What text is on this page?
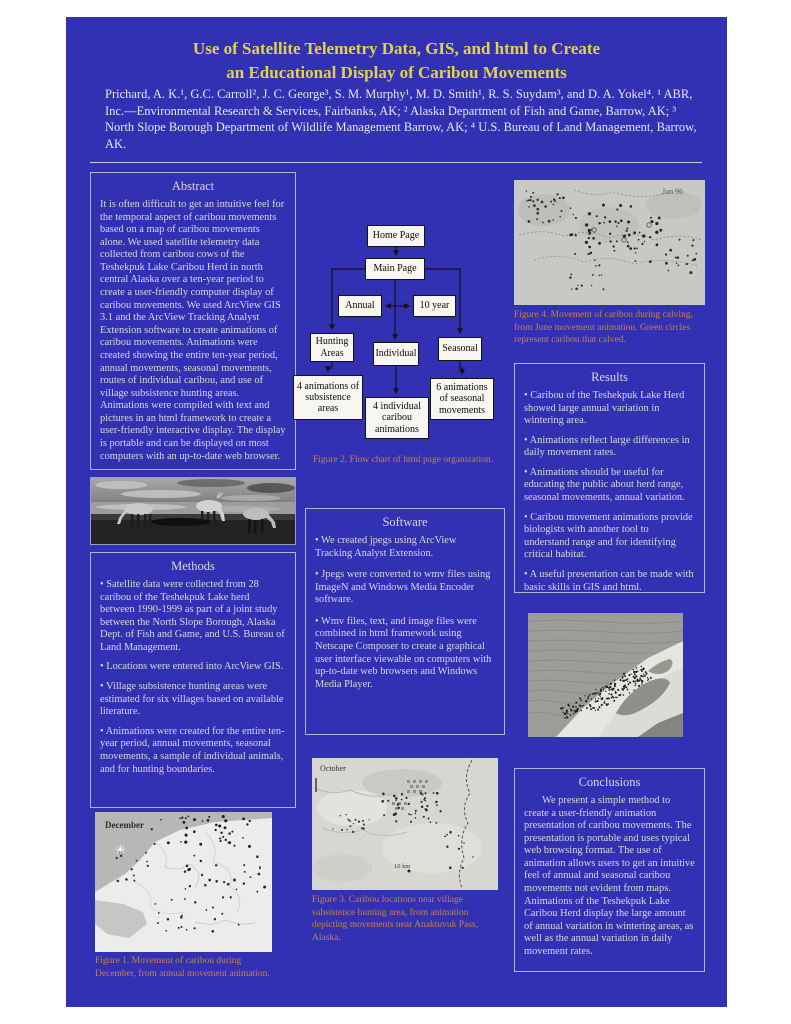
Use of Satellite Telemetry Data, GIS, and html to Create
an Educational Display of Caribou Movements
Prichard, A. K.¹, G.C. Carroll², J. C. George³, S. M. Murphy¹, M. D. Smith¹, R. S. Suydam³, and D. A. Yokel⁴. ¹ ABR, Inc.—Environmental Research & Services, Fairbanks, AK; ² Alaska Department of Fish and Game, Barrow, AK; ³ North Slope Borough Department of Wildlife Management Barrow, AK; ⁴ U.S. Bureau of Land Management, Barrow, AK.
Abstract
It is often difficult to get an intuitive feel for the temporal aspect of caribou movements based on a map of caribou movements alone. We used satellite telemetry data collected from caribou cows of the Teshekpuk Lake Caribou Herd in north central Alaska over a ten-year period to create a user-friendly computer display of caribou movements. We used ArcView GIS 3.1 and the ArcView Tracking Analyst Extension software to create animations of caribou movements. Animations were created showing the entire ten-year period, annual movements, seasonal movements, routes of individual caribou, and use of village subsistence hunting areas. Animations were compiled with text and pictures in an html framework to create a user-friendly interactive display. The display is portable and can be displayed on most computers with an up-to-date web browser.
Methods
• Satellite data were collected from 28 caribou of the Teshekpuk Lake herd between 1990-1999 as part of a joint study between the North Slope Borough, Alaska Dept. of Fish and Game, and U.S. Bureau of Land Management.
• Locations were entered into ArcView GIS.
• Village subsistence hunting areas were estimated for six villages based on available literature.
• Animations were created for the entire ten-year period, annual movements, seasonal movements, a sample of individual animals, and for hunting boundaries.
December
✳
Figure 1. Movement of caribou during December, from annual movement animation.
Home Page
Main Page
Annual	10 year
Hunting Areas	Individual	Seasonal
4 animations of subsistence areas	4 individual caribou animations
6 animations of seasonal movements
Figure 2. Flow chart of html page organization.
Software
• We created jpegs using ArcView Tracking Analyst Extension.
• Jpegs were converted to wmv files using ImageN and Windows Media Encoder software.
• Wmv files, text, and image files were combined in html framework using Netscape Composer to create a graphical user interface viewable on computers with up-to-date web browsers and Windows Media Player.
October
10 km
Figure 3. Caribou locations near village subsistence hunting area, from animation depicting movements near Anaktuvuk Pass, Alaska.
Jun 96
Figure 4. Movement of caribou during calving, from June movement animation. Green circles represent caribou that calved.
Results
• Caribou of the Teshekpuk Lake Herd showed large annual variation in wintering area.
• Animations reflect large differences in daily movement rates.
• Animations should be useful for educating the public about herd range, seasonal movements, annual variation.
• Caribou movement animations provide biologists with another tool to understand range and for identifying critical habitat.
• A useful presentation can be made with basic skills in GIS and html.
Conclusions
We present a simple method to create a user-friendly animation presentation of caribou movements. The presentation is portable and uses typical web browsing format. The use of animation allows users to get an intuitive feel of annual and seasonal caribou movements not evident from maps. Animations of the Teshekpuk Lake Caribou Herd display the large amount of annual variation in wintering areas, as well as the annual variation in daily movement rates.
